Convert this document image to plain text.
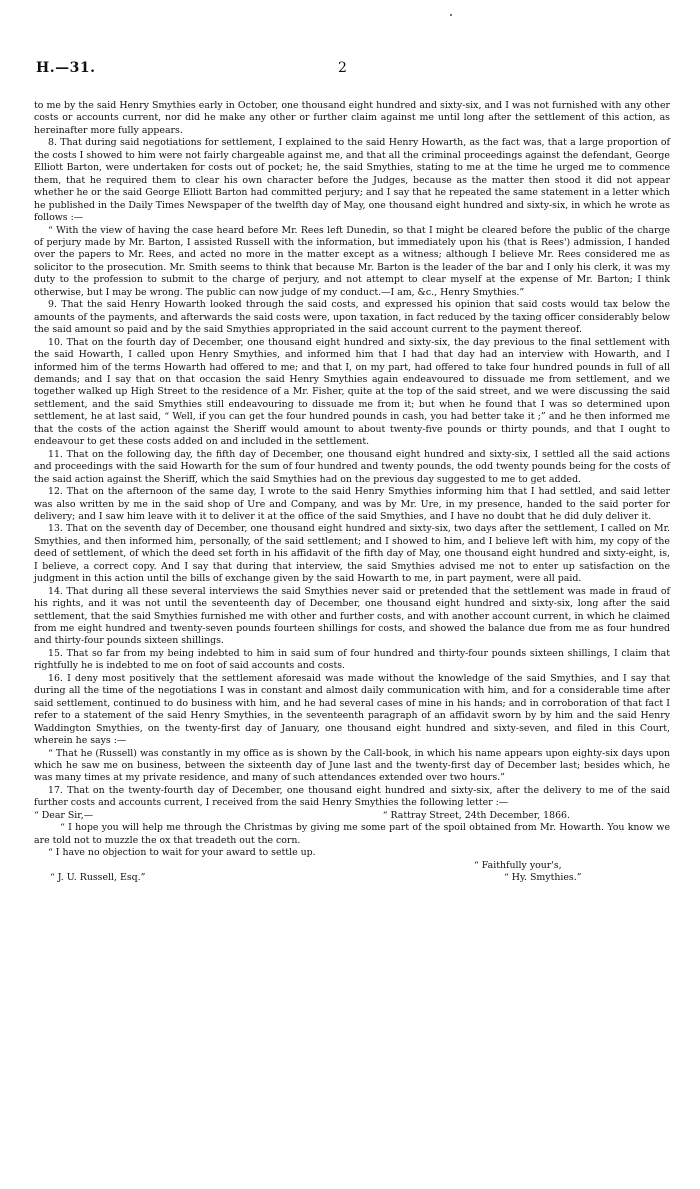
H.—31.	2

to me by the said Henry Smythies early in October, one thousand eight hundred and sixty-six, and I was not furnished with any other costs or accounts current, nor did he make any other or further claim against me until long after the settlement of this action, as hereinafter more fully appears.

8. That during said negotiations for settlement, I explained to the said Henry Howarth, as the fact was, that a large proportion of the costs I showed to him were not fairly chargeable against me, and that all the criminal proceedings against the defendant, George Elliott Barton, were undertaken for costs out of pocket; he, the said Smythies, stating to me at the time he urged me to commence them, that he required them to clear his own character before the Judges, because as the matter then stood it did not appear whether he or the said George Elliott Barton had committed perjury; and I say that he repeated the same statement in a letter which he published in the Daily Times Newspaper of the twelfth day of May, one thousand eight hundred and sixty-six, in which he wrote as follows :—

“ With the view of having the case heard before Mr. Rees left Dunedin, so that I might be cleared before the public of the charge of perjury made by Mr. Barton, I assisted Russell with the information, but immediately upon his (that is Rees') admission, I handed over the papers to Mr. Rees, and acted no more in the matter except as a witness; although I believe Mr. Rees considered me as solicitor to the prosecution. Mr. Smith seems to think that because Mr. Barton is the leader of the bar and I only his clerk, it was my duty to the profession to submit to the charge of perjury, and not attempt to clear myself at the expense of Mr. Barton; I think otherwise, but I may be wrong. The public can now judge of my conduct.—I am, &c., Henry Smythies.”

9. That the said Henry Howarth looked through the said costs, and expressed his opinion that said costs would tax below the amounts of the payments, and afterwards the said costs were, upon taxation, in fact reduced by the taxing officer considerably below the said amount so paid and by the said Smythies appropriated in the said account current to the payment thereof.

10. That on the fourth day of December, one thousand eight hundred and sixty-six, the day previous to the final settlement with the said Howarth, I called upon Henry Smythies, and informed him that I had that day had an interview with Howarth, and I informed him of the terms Howarth had offered to me; and that I, on my part, had offered to take four hundred pounds in full of all demands; and I say that on that occasion the said Henry Smythies again endeavoured to dissuade me from settlement, and we together walked up High Street to the residence of a Mr. Fisher, quite at the top of the said street, and we were discussing the said settlement, and the said Smythies still endeavouring to dissuade me from it; but when he found that I was so determined upon settlement, he at last said, “ Well, if you can get the four hundred pounds in cash, you had better take it ;” and he then informed me that the costs of the action against the Sheriff would amount to about twenty-five pounds or thirty pounds, and that I ought to endeavour to get these costs added on and included in the settlement.

11. That on the following day, the fifth day of December, one thousand eight hundred and sixty-six, I settled all the said actions and proceedings with the said Howarth for the sum of four hundred and twenty pounds, the odd twenty pounds being for the costs of the said action against the Sheriff, which the said Smythies had on the previous day suggested to me to get added.

12. That on the afternoon of the same day, I wrote to the said Henry Smythies informing him that I had settled, and said letter was also written by me in the said shop of Ure and Company, and was by Mr. Ure, in my presence, handed to the said porter for delivery; and I saw him leave with it to deliver it at the office of the said Smythies, and I have no doubt that he did duly deliver it.

13. That on the seventh day of December, one thousand eight hundred and sixty-six, two days after the settlement, I called on Mr. Smythies, and then informed him, personally, of the said settlement; and I showed to him, and I believe left with him, my copy of the deed of settlement, of which the deed set forth in his affidavit of the fifth day of May, one thousand eight hundred and sixty-eight, is, I believe, a correct copy. And I say that during that interview, the said Smythies advised me not to enter up satisfaction on the judgment in this action until the bills of exchange given by the said Howarth to me, in part payment, were all paid.

14. That during all these several interviews the said Smythies never said or pretended that the settlement was made in fraud of his rights, and it was not until the seventeenth day of December, one thousand eight hundred and sixty-six, long after the said settlement, that the said Smythies furnished me with other and further costs, and with another account current, in which he claimed from me eight hundred and twenty-seven pounds fourteen shillings for costs, and showed the balance due from me as four hundred and thirty-four pounds sixteen shillings.

15. That so far from my being indebted to him in said sum of four hundred and thirty-four pounds sixteen shillings, I claim that rightfully he is indebted to me on foot of said accounts and costs.

16. I deny most positively that the settlement aforesaid was made without the knowledge of the said Smythies, and I say that during all the time of the negotiations I was in constant and almost daily communication with him, and for a considerable time after said settlement, continued to do business with him, and he had several cases of mine in his hands; and in corroboration of that fact I refer to a statement of the said Henry Smythies, in the seventeenth paragraph of an affidavit sworn by by him and the said Henry Waddington Smythies, on the twenty-first day of January, one thousand eight hundred and sixty-seven, and filed in this Court, wherein he says :—

“ That he (Russell) was constantly in my office as is shown by the Call-book, in which his name appears upon eighty-six days upon which he saw me on business, between the sixteenth day of June last and the twenty-first day of December last; besides which, he was many times at my private residence, and many of such attendances extended over two hours.”

17. That on the twenty-fourth day of December, one thousand eight hundred and sixty-six, after the delivery to me of the said further costs and accounts current, I received from the said Henry Smythies the following letter :—

“ Dear Sir,—	“ Rattray Street, 24th December, 1866.

“ I hope you will help me through the Christmas by giving me some part of the spoil obtained from Mr. Howarth. You know we are told not to muzzle the ox that treadeth out the corn.

“ I have no objection to wait for your award to settle up.

“ Faithfully your's,
“ J. U. Russell, Esq.”	“ Hy. Smythies.”
